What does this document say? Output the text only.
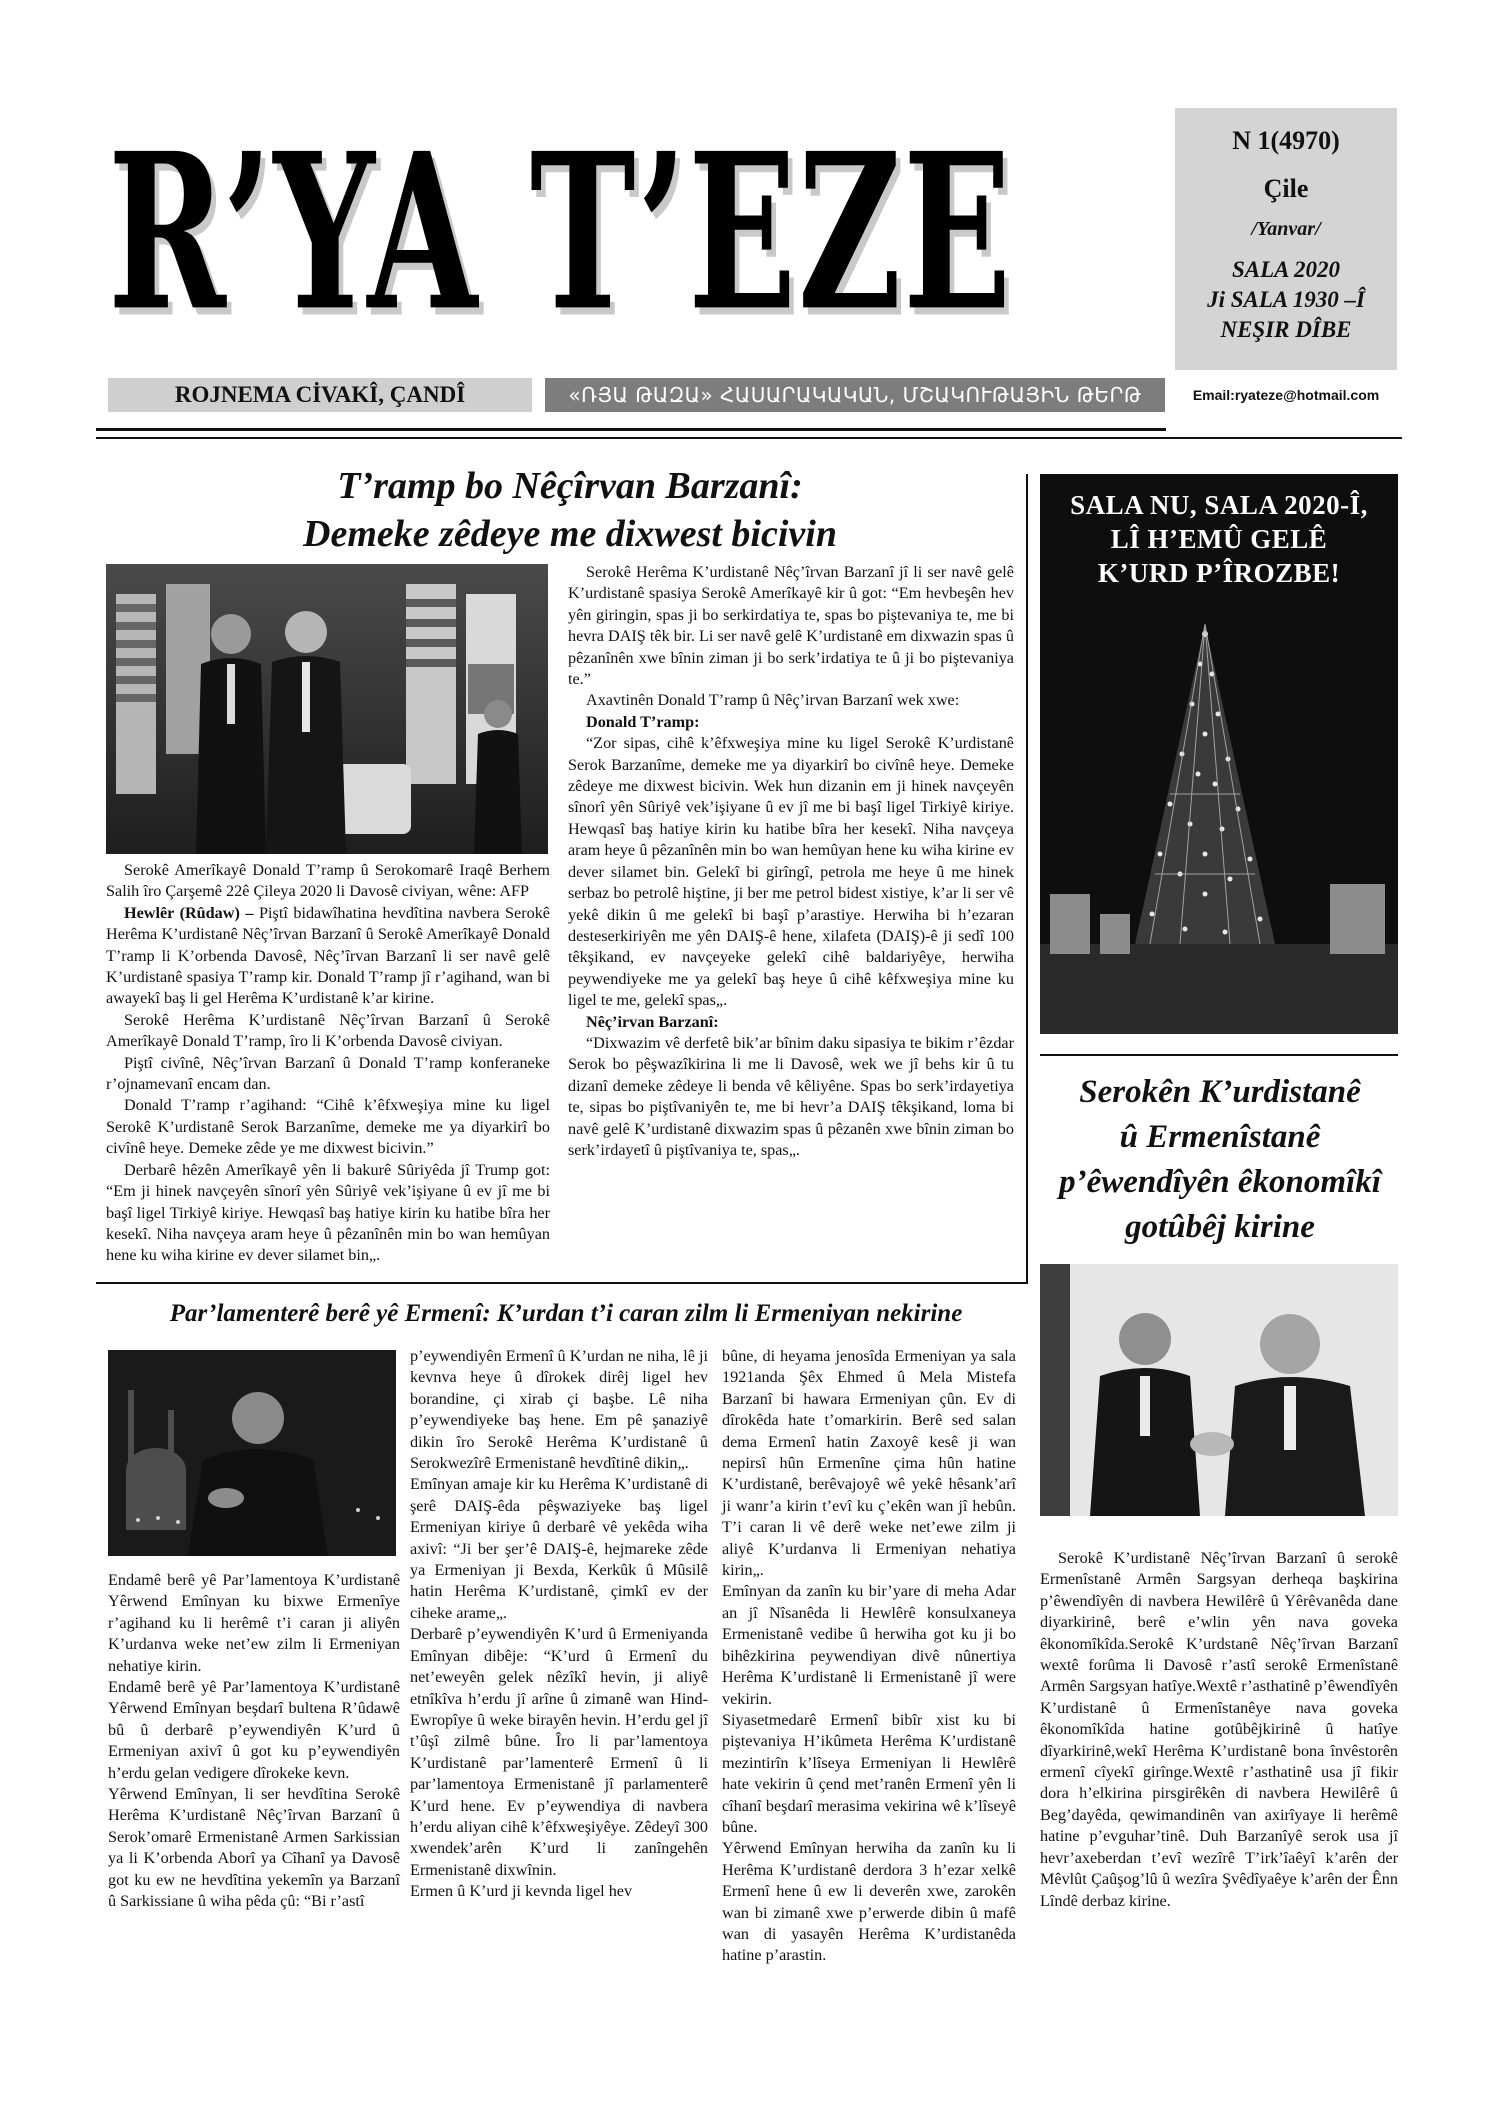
R’YA T’EZE	N 1(4970)
Çile
/Yanvar/
SALA 2020
Ji SALA 1930 –Î
NEŞIR DÎBE
ROJNEMA CİVAKÎ, ÇANDÎ	«ՌՅԱ ԹԱԶԱ» ՀԱՍԱՐԱԿԱԿԱՆ, ՄՇԱԿՈՒԹԱՅԻՆ ԹԵՐԹ	Email:ryateze@hotmail.com
T’ramp bo Nêçîrvan Barzanî:
Demeke zêdeye me dixwest bicivin

Serokê Amerîkayê Donald T’ramp û Serokomarê Iraqê Berhem Salih îro Çarşemê 22ê Çileya 2020 li Davosê civiyan, wêne: AFP

Hewlêr (Rûdaw) – Piştî bidawîhatina hevdîtina navbera Serokê Herêma K’urdistanê Nêç’îrvan Barzanî û Serokê Amerîkayê Donald T’ramp li K’orbenda Davosê, Nêç’îrvan Barzanî li ser navê gelê K’urdistanê spasiya T’ramp kir. Donald T’ramp jî r’agihand, wan bi awayekî baş li gel Herêma K’urdistanê k’ar kirine.

Serokê Herêma K’urdistanê Nêç’îrvan Barzanî û Serokê Amerîkayê Donald T’ramp, îro li K’orbenda Davosê civiyan.

Piştî civînê, Nêç’îrvan Barzanî û Donald T’ramp konferaneke r’ojnamevanî encam dan.

Donald T’ramp r’agihand: “Cihê k’êfxweşiya mine ku ligel Serokê K’urdistanê Serok Barzanîme, demeke me ya diyarkirî bo civînê heye. Demeke zêde ye me dixwest bicivin.”

Derbarê hêzên Amerîkayê yên li bakurê Sûriyêda jî Trump got: “Em ji hinek navçeyên sînorî yên Sûriyê vek’işiyane û ev jî me bi başî ligel Tirkiyê kiriye. Hewqasî baş hatiye kirin ku hatibe bîra her kesekî. Niha navçeya aram heye û pêzanînên min bo wan hemûyan hene ku wiha kirine ev dever silamet bin„.

Serokê Herêma K’urdistanê Nêç’îrvan Barzanî jî li ser navê gelê K’urdistanê spasiya Serokê Amerîkayê kir û got: “Em hevbeşên hev yên giringin, spas ji bo serkirdatiya te, spas bo piştevaniya te, me bi hevra DAIŞ têk bir. Li ser navê gelê K’urdistanê em dixwazin spas û pêzanînên xwe bînin ziman ji bo serk’irdatiya te û ji bo piştevaniya te.”

Axavtinên Donald T’ramp û Nêç’irvan Barzanî wek xwe:

Donald T’ramp:

“Zor sipas, cihê k’êfxweşiya mine ku ligel Serokê K’urdistanê Serok Barzanîme, demeke me ya diyarkirî bo civînê heye. Demeke zêdeye me dixwest bicivin. Wek hun dizanin em ji hinek navçeyên sînorî yên Sûriyê vek’işiyane û ev jî me bi başî ligel Tirkiyê kiriye. Hewqasî baş hatiye kirin ku hatibe bîra her kesekî. Niha navçeya aram heye û pêzanînên min bo wan hemûyan hene ku wiha kirine ev dever silamet bin. Gelekî bi girîngî, petrola me heye û me hinek serbaz bo petrolê hiştine, ji ber me petrol bidest xistiye, k’ar li ser vê yekê dikin û me gelekî bi başî p’arastiye. Herwiha bi h’ezaran desteserkiriyên me yên DAIŞ-ê hene, xilafeta (DAIŞ)-ê ji sedî 100 têkşikand, ev navçeyeke gelekî cihê baldariyêye, herwiha peywendiyeke me ya gelekî baş heye û cihê kêfxweşiya mine ku ligel te me, gelekî spas„.

Nêç’irvan Barzanî:

“Dixwazim vê derfetê bik’ar bînim daku sipasiya te bikim r’êzdar Serok bo pêşwazîkirina li me li Davosê, wek we jî behs kir û tu dizanî demeke zêdeye li benda vê kêliyêne. Spas bo serk’irdayetiya te, sipas bo piştîvaniyên te, me bi hevr’a DAIŞ têkşikand, loma bi navê gelê K’urdistanê dixwazim spas û pêzanên xwe bînin ziman bo serk’irdayetî û piştîvaniya te, spas„.

SALA NU, SALA 2020-Î,
LÎ H’EMÛ GELÊ
K’URD P’ÎROZBE!
Serokên K’urdistanê
û Ermenîstanê
p’êwendîyên êkonomîkî
gotûbêj kirine

Serokê K’urdistanê Nêç’îrvan Barzanî û serokê Ermenîstanê Armên Sargsyan derheqa başkirina p’êwendîyên di navbera Hewilêrê û Yêrêvanêda dane diyarkirinê, berê e’wlin yên nava goveka êkonomîkîda.Serokê K’urdstanê Nêç’îrvan Barzanî wextê forûma li Davosê r’astî serokê Ermenîstanê Armên Sargsyan hatîye.Wextê r’asthatinê p’êwendîyên K’urdistanê û Ermenîstanêye nava goveka êkonomîkîda hatine gotûbêjkirinê û hatîye dîyarkirinê,wekî Herêma K’urdistanê bona învêstorên ermenî cîyekî girînge.Wextê r’asthatinê usa jî fikir dora h’elkirina pirsgirêkên di navbera Hewilêrê û Beg’dayêda, qewimandinên van axirîyaye li herêmê hatine p’evguhar’tinê. Duh Barzanîyê serok usa jî hevr’axeberdan t’evî wezîrê T’irk’îaêyî k’arên der Mêvlût Çaûşog’lû û wezîra Şvêdîyaêye k’arên der Ênn Lîndê derbaz kirine.

Par’lamenterê berê yê Ermenî: K’urdan t’i caran zilm li Ermeniyan nekirine
Endamê berê yê Par’lamentoya K’urdistanê Yêrwend Emînyan ku bixwe Ermenîye r’agihand ku li herêmê t’i caran ji aliyên K’urdanva weke net’ew zilm li Ermeniyan nehatiye kirin.
Endamê berê yê Par’lamentoya K’urdistanê Yêrwend Emînyan beşdarî bultena R’ûdawê bû û derbarê p’eywendiyên K’urd û Ermeniyan axivî û got ku p’eywendiyên h’erdu gelan vedigere dîrokeke kevn.
Yêrwend Emînyan, li ser hevdîtina Serokê Herêma K’urdistanê Nêç’îrvan Barzanî û Serok’omarê Ermenistanê Armen Sarkissian ya li K’orbenda Aborî ya Cîhanî ya Davosê got ku ew ne hevdîtina yekemîn ya Barzanî û Sarkissiane û wiha pêda çû: “Bi r’astî
p’eywendiyên Ermenî û K’urdan ne niha, lê ji kevnva heye û dîrokek dirêj ligel hev borandine, çi xirab çi başbe. Lê niha p’eywendiyeke baş hene. Em pê şanaziyê dikin îro Serokê Herêma K’urdistanê û Serokwezîrê Ermenistanê hevdîtinê dikin„.
Emînyan amaje kir ku Herêma K’urdistanê di şerê DAIŞ-êda pêşwaziyeke baş ligel Ermeniyan kiriye û derbarê vê yekêda wiha axivî: “Ji ber şer’ê DAIŞ-ê, hejmareke zêde ya Ermeniyan ji Bexda, Kerkûk û Mûsilê hatin Herêma K’urdistanê, çimkî ev der ciheke arame„.
Derbarê p’eywendiyên K’urd û Ermeniyanda Emînyan dibêje: “K’urd û Ermenî du net’eweyên gelek nêzîkî hevin, ji aliyê etnîkîva h’erdu jî arîne û zimanê wan Hind-Ewropîye û weke birayên hevin. H’erdu gel jî t’ûşî zilmê bûne. Îro li par’lamentoya K’urdistanê par’lamenterê Ermenî û li par’lamentoya Ermenistanê jî parlamenterê K’urd hene. Ev p’eywendiya di navbera h’erdu aliyan cihê k’êfxweşiyêye. Zêdeyî 300 xwendek’arên K’urd li zanîngehên Ermenistanê dixwînin.
Ermen û K’urd ji kevnda ligel hev
bûne, di heyama jenosîda Ermeniyan ya sala 1921anda Şêx Ehmed û Mela Mistefa Barzanî bi hawara Ermeniyan çûn. Ev di dîrokêda hate t’omarkirin. Berê sed salan dema Ermenî hatin Zaxoyê kesê ji wan nepirsî hûn Ermenîne çima hûn hatine K’urdistanê, berêvajoyê wê yekê hêsank’arî ji wanr’a kirin t’evî ku ç’ekên wan jî hebûn. T’i caran li vê derê weke net’ewe zilm ji aliyê K’urdanva li Ermeniyan nehatiya kirin„.
Emînyan da zanîn ku bir’yare di meha Adar an jî Nîsanêda li Hewlêrê konsulxaneya Ermenistanê vedibe û herwiha got ku ji bo bihêzkirina peywendiyan divê nûnertiya Herêma K’urdistanê li Ermenistanê jî were vekirin.
Siyasetmedarê Ermenî bibîr xist ku bi piştevaniya H’ikûmeta Herêma K’urdistanê mezintirîn k’lîseya Ermeniyan li Hewlêrê hate vekirin û çend met’ranên Ermenî yên li cîhanî beşdarî merasima vekirina wê k’lîseyê bûne.
Yêrwend Emînyan herwiha da zanîn ku li Herêma K’urdistanê derdora 3 h’ezar xelkê Ermenî hene û ew li deverên xwe, zarokên wan bi zimanê xwe p’erwerde dibin û mafê wan di yasayên Herêma K’urdistanêda hatine p’arastin.
